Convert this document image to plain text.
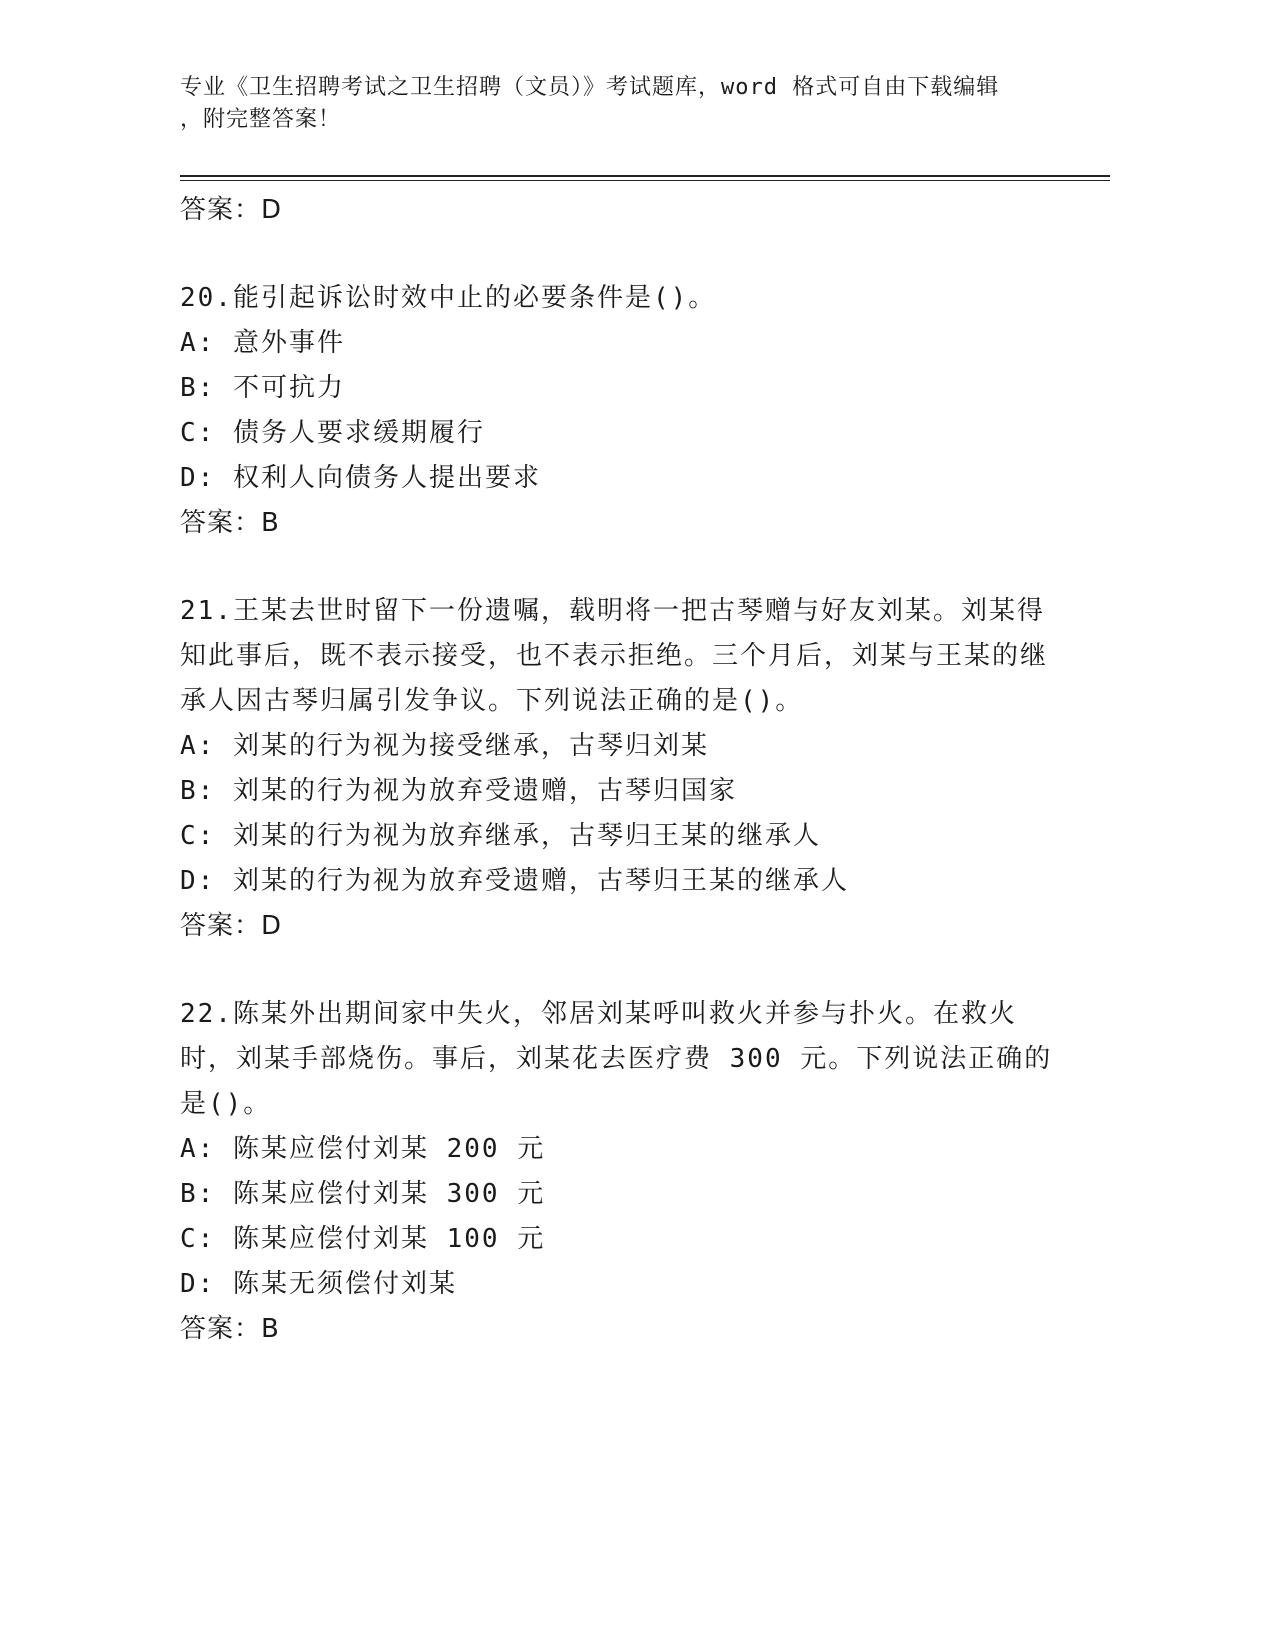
专业《卫生招聘考试之卫生招聘（文员）》考试题库，word 格式可自由下载编辑
，附完整答案！
答案：D
20.能引起诉讼时效中止的必要条件是()。
A: 意外事件
B: 不可抗力
C: 债务人要求缓期履行
D: 权利人向债务人提出要求
答案：B
21.王某去世时留下一份遗嘱，载明将一把古琴赠与好友刘某。刘某得知此事后，既不表示接受，也不表示拒绝。三个月后，刘某与王某的继承人因古琴归属引发争议。下列说法正确的是()。
A: 刘某的行为视为接受继承，古琴归刘某
B: 刘某的行为视为放弃受遗赠，古琴归国家
C: 刘某的行为视为放弃继承，古琴归王某的继承人
D: 刘某的行为视为放弃受遗赠，古琴归王某的继承人
答案：D
22.陈某外出期间家中失火，邻居刘某呼叫救火并参与扑火。在救火时，刘某手部烧伤。事后，刘某花去医疗费 300 元。下列说法正确的是()。
A: 陈某应偿付刘某 200 元
B: 陈某应偿付刘某 300 元
C: 陈某应偿付刘某 100 元
D: 陈某无须偿付刘某
答案：B
